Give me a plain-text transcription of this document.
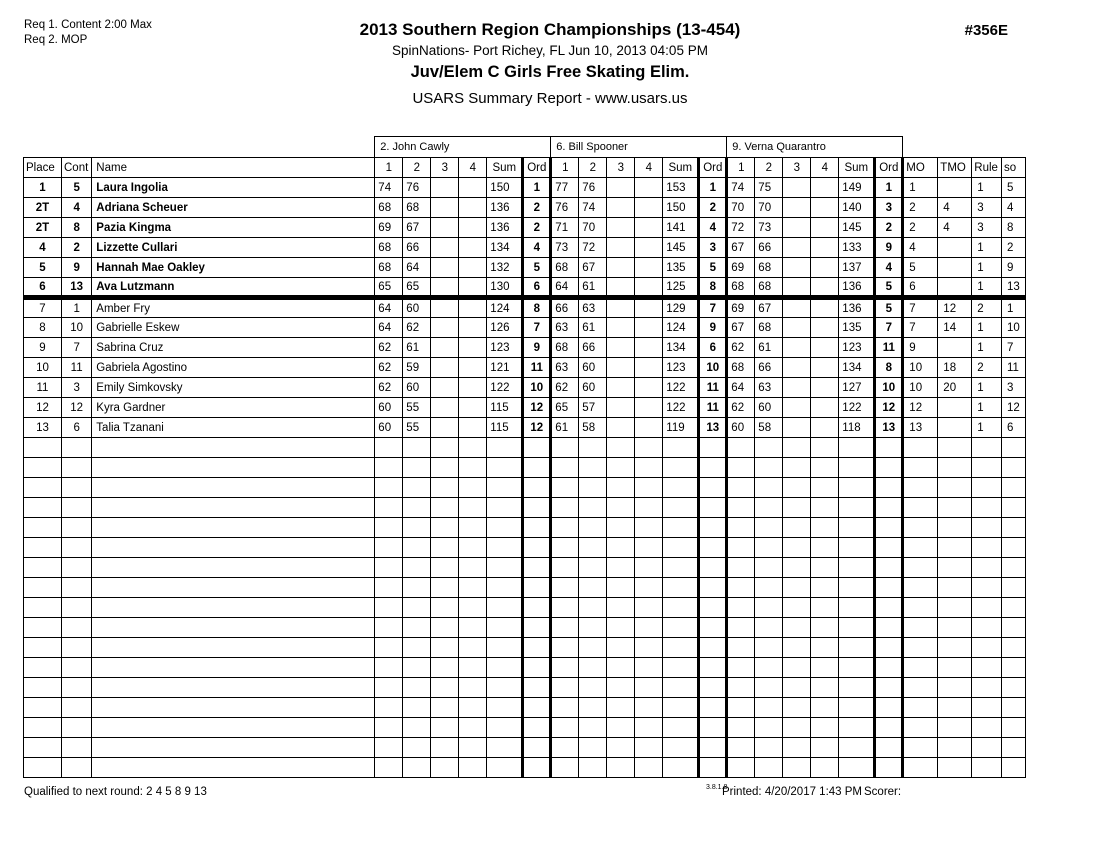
Req 1. Content 2:00 Max
Req 2. MOP
#356E
2013 Southern Region Championships (13-454)
SpinNations- Port Richey, FL Jun 10, 2013 04:05 PM
Juv/Elem C Girls Free Skating Elim.
USARS Summary Report - www.usars.us
			2. John Cawly						6. Bill Spooner						9. Verna Quarantro									
Place	Cont	Name	1	2	3	4	Sum	Ord	1	2	3	4	Sum	Ord	1	2	3	4	Sum	Ord	MO	TMO	Rule	so
1	5	Laura Ingolia	74	76			150	1	77	76			153	1	74	75			149	1	1		1	5
2T	4	Adriana Scheuer	68	68			136	2	76	74			150	2	70	70			140	3	2	4	3	4
2T	8	Pazia Kingma	69	67			136	2	71	70			141	4	72	73			145	2	2	4	3	8
4	2	Lizzette Cullari	68	66			134	4	73	72			145	3	67	66			133	9	4		1	2
5	9	Hannah Mae Oakley	68	64			132	5	68	67			135	5	69	68			137	4	5		1	9
6	13	Ava Lutzmann	65	65			130	6	64	61			125	8	68	68			136	5	6		1	13
7	1	Amber Fry	64	60			124	8	66	63			129	7	69	67			136	5	7	12	2	1
8	10	Gabrielle Eskew	64	62			126	7	63	61			124	9	67	68			135	7	7	14	1	10
9	7	Sabrina Cruz	62	61			123	9	68	66			134	6	62	61			123	11	9		1	7
10	11	Gabriela Agostino	62	59			121	11	63	60			123	10	68	66			134	8	10	18	2	11
11	3	Emily Simkovsky	62	60			122	10	62	60			122	11	64	63			127	10	10	20	1	3
12	12	Kyra Gardner	60	55			115	12	65	57			122	11	62	60			122	12	12		1	12
13	6	Talia Tzanani	60	55			115	12	61	58			119	13	60	58			118	13	13		1	6

Qualified to next round: 2 4 5 8 9 13	3.8.1.8
Printed: 4/20/2017 1:43 PM Scorer:
